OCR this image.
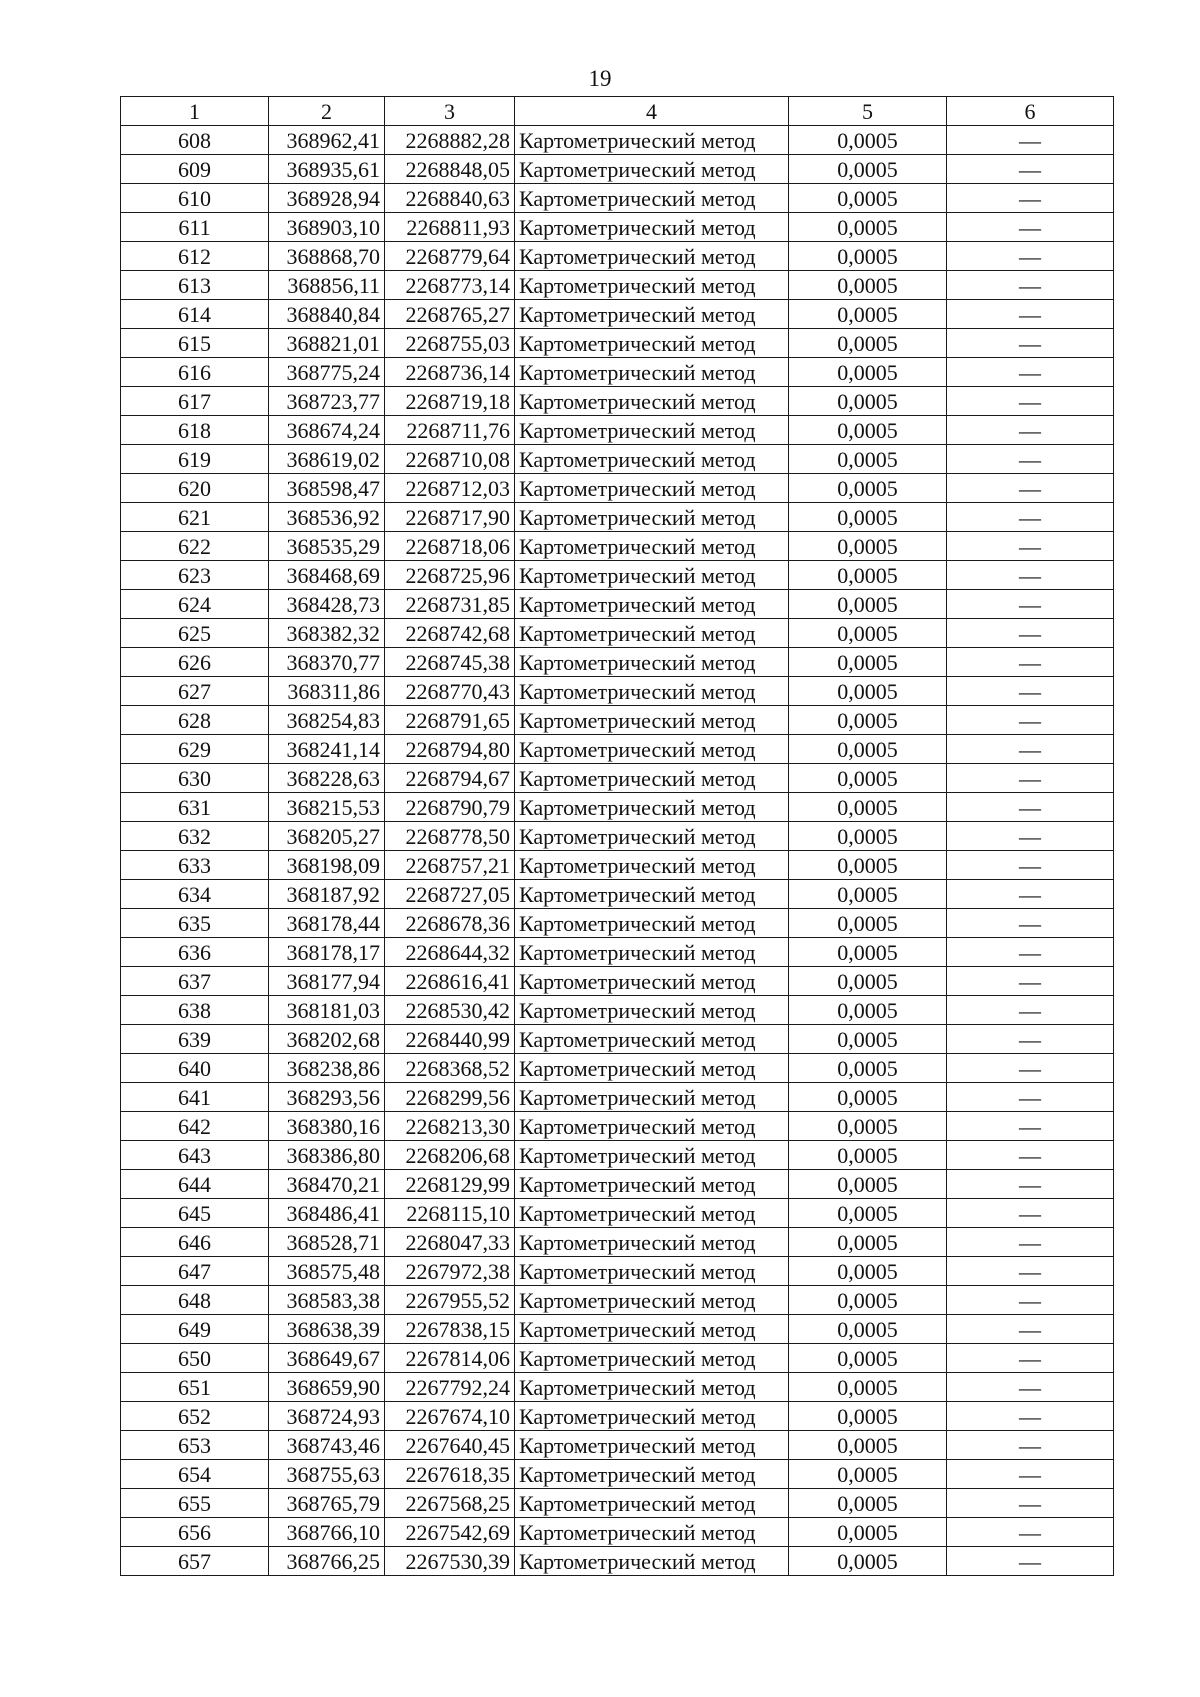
19
1	2	3	4	5	6
608	368962,41	2268882,28	Картометрический метод	0,0005	—
609	368935,61	2268848,05	Картометрический метод	0,0005	—
610	368928,94	2268840,63	Картометрический метод	0,0005	—
611	368903,10	2268811,93	Картометрический метод	0,0005	—
612	368868,70	2268779,64	Картометрический метод	0,0005	—
613	368856,11	2268773,14	Картометрический метод	0,0005	—
614	368840,84	2268765,27	Картометрический метод	0,0005	—
615	368821,01	2268755,03	Картометрический метод	0,0005	—
616	368775,24	2268736,14	Картометрический метод	0,0005	—
617	368723,77	2268719,18	Картометрический метод	0,0005	—
618	368674,24	2268711,76	Картометрический метод	0,0005	—
619	368619,02	2268710,08	Картометрический метод	0,0005	—
620	368598,47	2268712,03	Картометрический метод	0,0005	—
621	368536,92	2268717,90	Картометрический метод	0,0005	—
622	368535,29	2268718,06	Картометрический метод	0,0005	—
623	368468,69	2268725,96	Картометрический метод	0,0005	—
624	368428,73	2268731,85	Картометрический метод	0,0005	—
625	368382,32	2268742,68	Картометрический метод	0,0005	—
626	368370,77	2268745,38	Картометрический метод	0,0005	—
627	368311,86	2268770,43	Картометрический метод	0,0005	—
628	368254,83	2268791,65	Картометрический метод	0,0005	—
629	368241,14	2268794,80	Картометрический метод	0,0005	—
630	368228,63	2268794,67	Картометрический метод	0,0005	—
631	368215,53	2268790,79	Картометрический метод	0,0005	—
632	368205,27	2268778,50	Картометрический метод	0,0005	—
633	368198,09	2268757,21	Картометрический метод	0,0005	—
634	368187,92	2268727,05	Картометрический метод	0,0005	—
635	368178,44	2268678,36	Картометрический метод	0,0005	—
636	368178,17	2268644,32	Картометрический метод	0,0005	—
637	368177,94	2268616,41	Картометрический метод	0,0005	—
638	368181,03	2268530,42	Картометрический метод	0,0005	—
639	368202,68	2268440,99	Картометрический метод	0,0005	—
640	368238,86	2268368,52	Картометрический метод	0,0005	—
641	368293,56	2268299,56	Картометрический метод	0,0005	—
642	368380,16	2268213,30	Картометрический метод	0,0005	—
643	368386,80	2268206,68	Картометрический метод	0,0005	—
644	368470,21	2268129,99	Картометрический метод	0,0005	—
645	368486,41	2268115,10	Картометрический метод	0,0005	—
646	368528,71	2268047,33	Картометрический метод	0,0005	—
647	368575,48	2267972,38	Картометрический метод	0,0005	—
648	368583,38	2267955,52	Картометрический метод	0,0005	—
649	368638,39	2267838,15	Картометрический метод	0,0005	—
650	368649,67	2267814,06	Картометрический метод	0,0005	—
651	368659,90	2267792,24	Картометрический метод	0,0005	—
652	368724,93	2267674,10	Картометрический метод	0,0005	—
653	368743,46	2267640,45	Картометрический метод	0,0005	—
654	368755,63	2267618,35	Картометрический метод	0,0005	—
655	368765,79	2267568,25	Картометрический метод	0,0005	—
656	368766,10	2267542,69	Картометрический метод	0,0005	—
657	368766,25	2267530,39	Картометрический метод	0,0005	—
